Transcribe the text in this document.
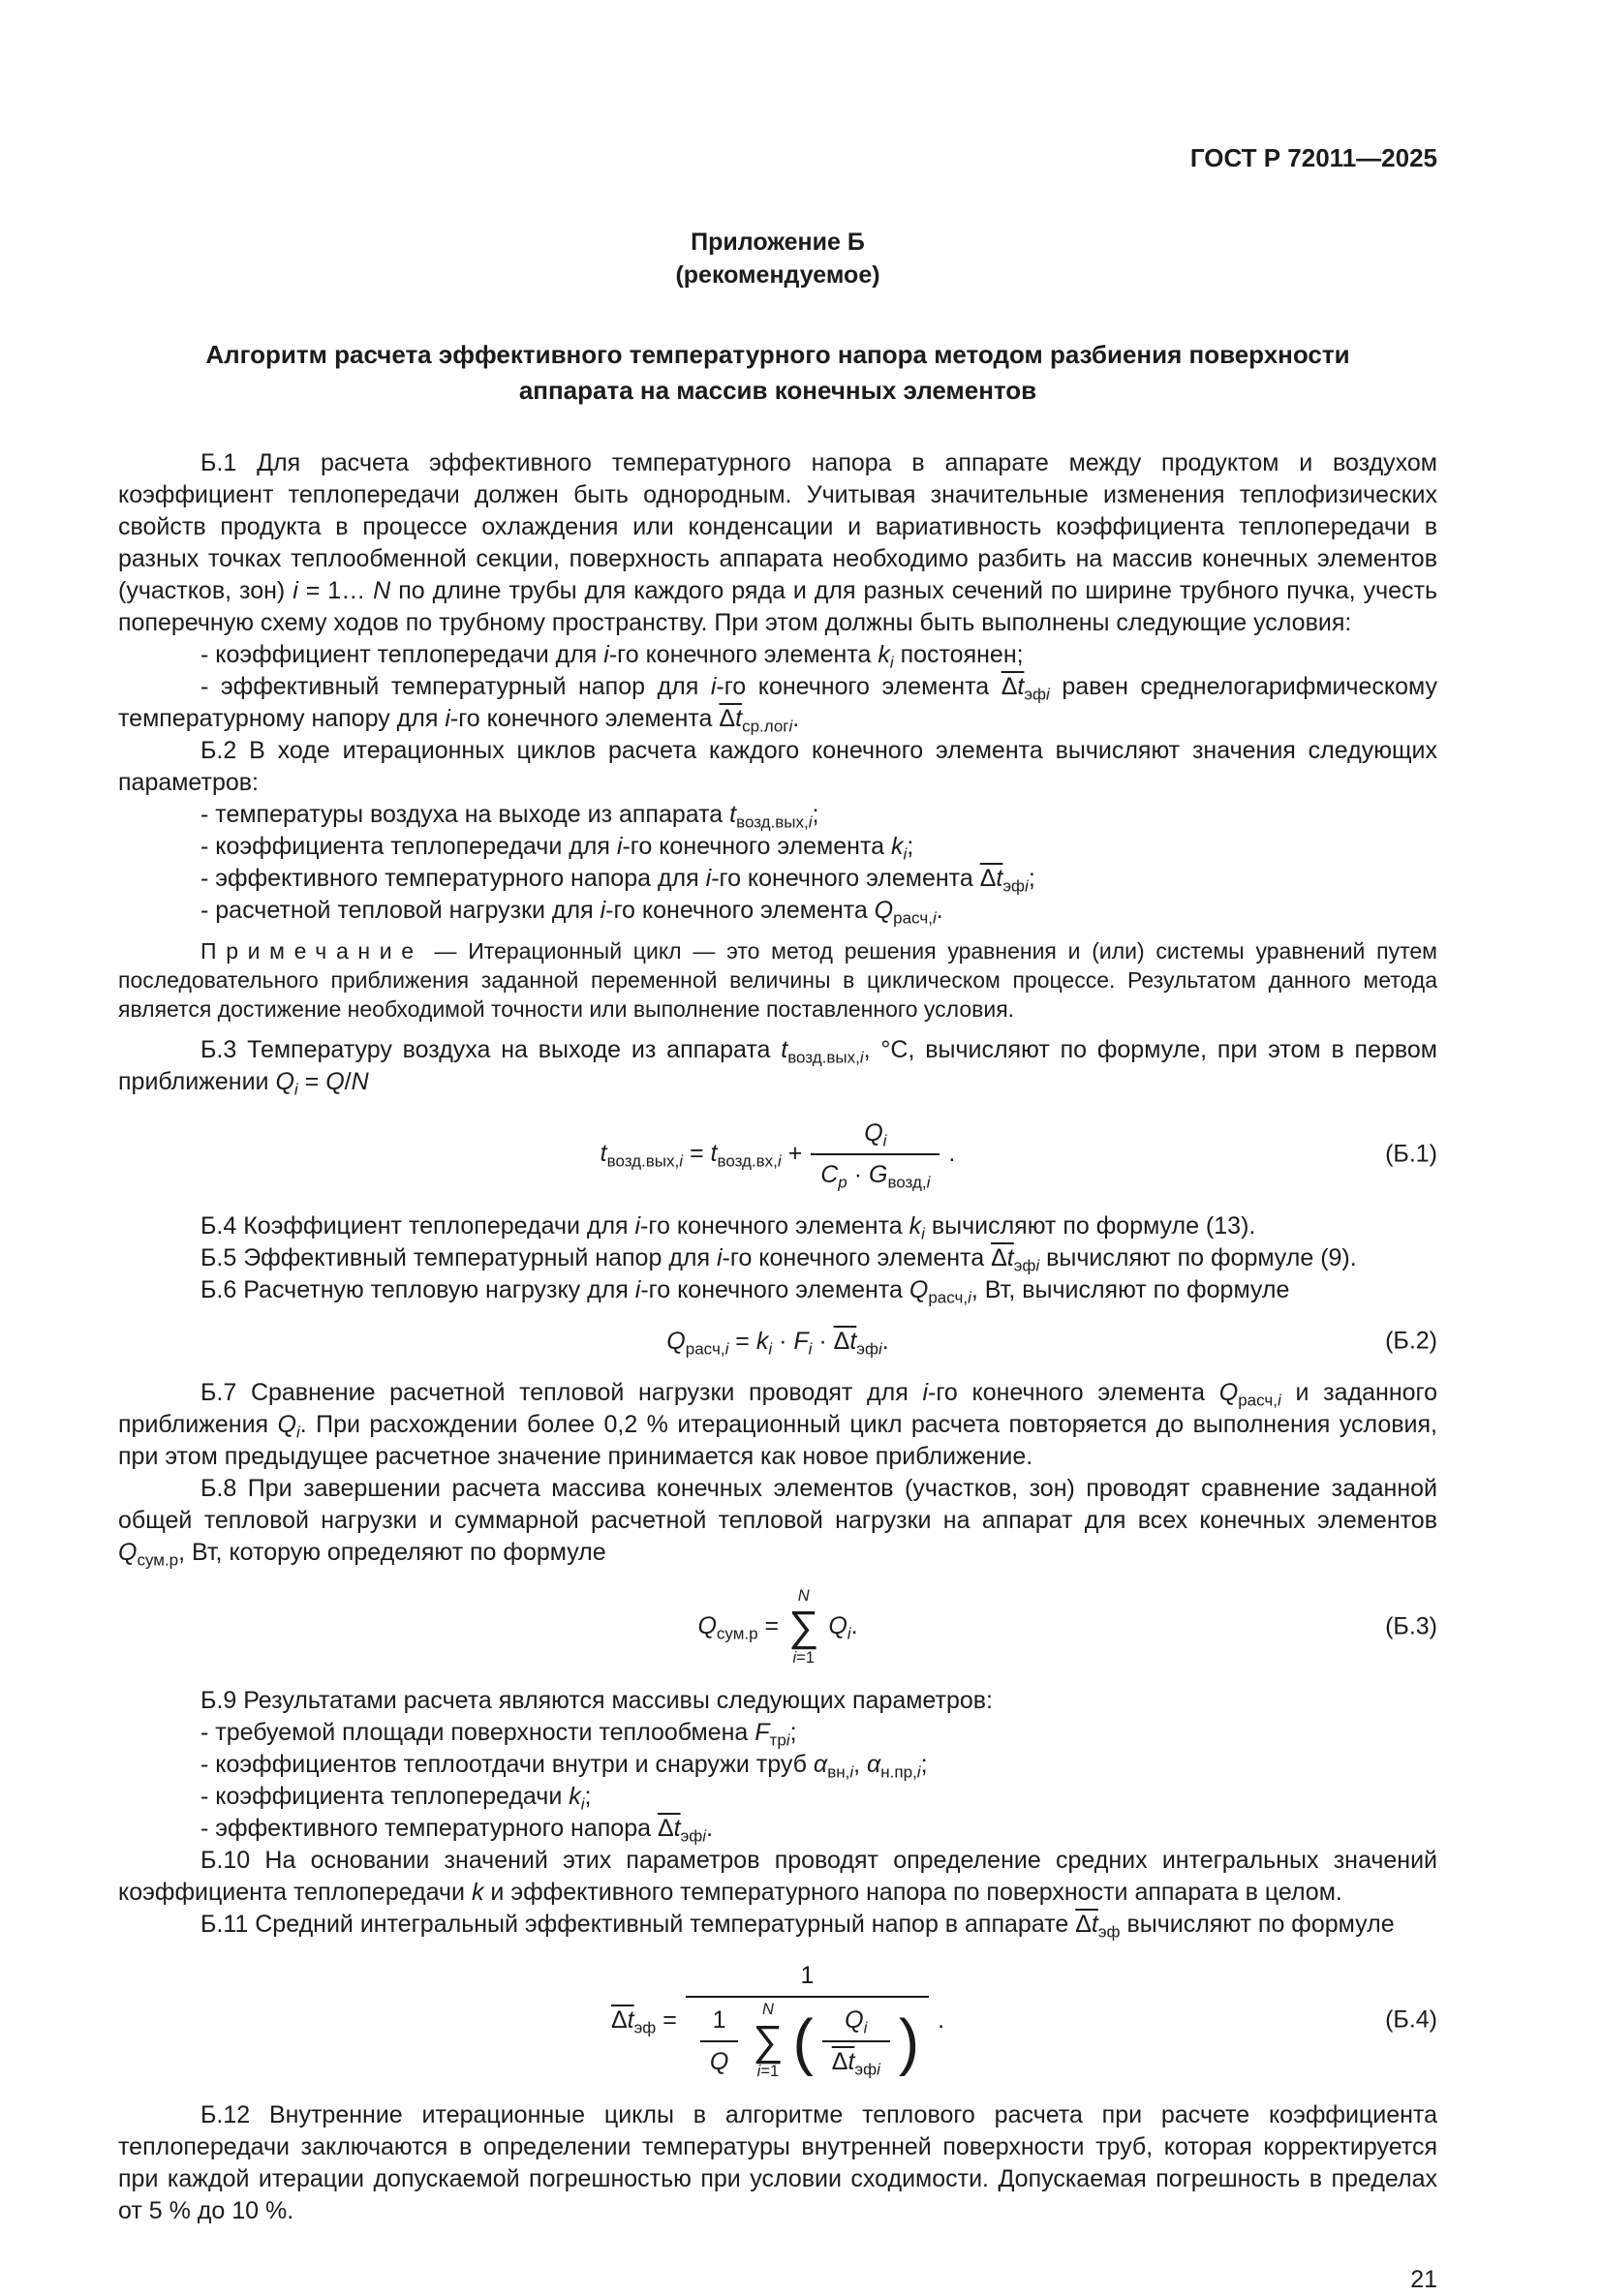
ГОСТ Р 72011—2025
Приложение Б
(рекомендуемое)
Алгоритм расчета эффективного температурного напора методом разбиения поверхности аппарата на массив конечных элементов

Б.1 Для расчета эффективного температурного напора в аппарате между продуктом и воздухом коэффициент теплопередачи должен быть однородным. Учитывая значительные изменения теплофизических свойств продукта в процессе охлаждения или конденсации и вариативность коэффициента теплопередачи в разных точках теплообменной секции, поверхность аппарата необходимо разбить на массив конечных элементов (участков, зон) i = 1… N по длине трубы для каждого ряда и для разных сечений по ширине трубного пучка, учесть поперечную схему ходов по трубному пространству. При этом должны быть выполнены следующие условия:

- коэффициент теплопередачи для i-го конечного элемента $k_i$ постоянен;

- эффективный температурный напор для i-го конечного элемента $\overline{\Delta}\overline{t}_{эфi}$ равен среднелогарифмическому температурному напору для i-го конечного элемента $\overline{\Delta}\overline{t}_{ср.логi}$.

Б.2 В ходе итерационных циклов расчета каждого конечного элемента вычисляют значения следующих параметров:

- температуры воздуха на выходе из аппарата $t_{возд.вых,i}$;

- коэффициента теплопередачи для i-го конечного элемента $k_i$;

- эффективного температурного напора для i-го конечного элемента $\overline{\Delta}\overline{t}_{эфi}$;

- расчетной тепловой нагрузки для i-го конечного элемента $Q_{расч,i}$.

Примечание — Итерационный цикл — это метод решения уравнения и (или) системы уравнений путем последовательного приближения заданной переменной величины в циклическом процессе. Результатом данного метода является достижение необходимой точности или выполнение поставленного условия.

Б.3 Температуру воздуха на выходе из аппарата $t_{возд.вых,i}$, °С, вычисляют по формуле, при этом в первом приближении $Q_i = Q/N$

$t_{возд.вых,i} = t_{возд.вх,i} + \frac{Q_i}{C_p \cdot G_{возд,i}}$ .	(Б.1)

Б.4 Коэффициент теплопередачи для i-го конечного элемента $k_i$ вычисляют по формуле (13).

Б.5 Эффективный температурный напор для i-го конечного элемента $\overline{\Delta}\overline{t}_{эфi}$ вычисляют по формуле (9).

Б.6 Расчетную тепловую нагрузку для i-го конечного элемента $Q_{расч,i}$, Вт, вычисляют по формуле

$Q_{расч,i} = k_i \cdot F_i \cdot \overline{\Delta}\overline{t}_{эфi}$.	(Б.2)

Б.7 Сравнение расчетной тепловой нагрузки проводят для i-го конечного элемента $Q_{расч,i}$ и заданного приближения $Q_i$. При расхождении более 0,2 % итерационный цикл расчета повторяется до выполнения условия, при этом предыдущее расчетное значение принимается как новое приближение.

Б.8 При завершении расчета массива конечных элементов (участков, зон) проводят сравнение заданной общей тепловой нагрузки и суммарной расчетной тепловой нагрузки на аппарат для всех конечных элементов $Q_{сум.р}$, Вт, которую определяют по формуле

$Q_{сум.р}$ =
N
∑
i=1
$Q_i$.	(Б.3)

Б.9 Результатами расчета являются массивы следующих параметров:

- требуемой площади поверхности теплообмена $F_{трi}$;

- коэффициентов теплоотдачи внутри и снаружи труб $\alpha_{вн,i}$, $\alpha_{н.пр,i}$;

- коэффициента теплопередачи $k_i$;

- эффективного температурного напора $\overline{\Delta}\overline{t}_{эфi}$.

Б.10 На основании значений этих параметров проводят определение средних интегральных значений коэффициента теплопередачи k и эффективного температурного напора по поверхности аппарата в целом.

Б.11 Средний интегральный эффективный температурный напор в аппарате $\overline{\Delta}\overline{t}_{эф}$ вычисляют по формуле

$\overline{\Delta}\overline{t}_{эф}$ =
1
$\frac{1}{Q}$ N
∑
i=1 ( $\frac{Q_i}{\overline{\Delta}\overline{t}_{эфi}}$ ) .	(Б.4)

Б.12 Внутренние итерационные циклы в алгоритме теплового расчета при расчете коэффициента теплопередачи заключаются в определении температуры внутренней поверхности труб, которая корректируется при каждой итерации допускаемой погрешностью при условии сходимости. Допускаемая погрешность в пределах от 5 % до 10 %.

21
